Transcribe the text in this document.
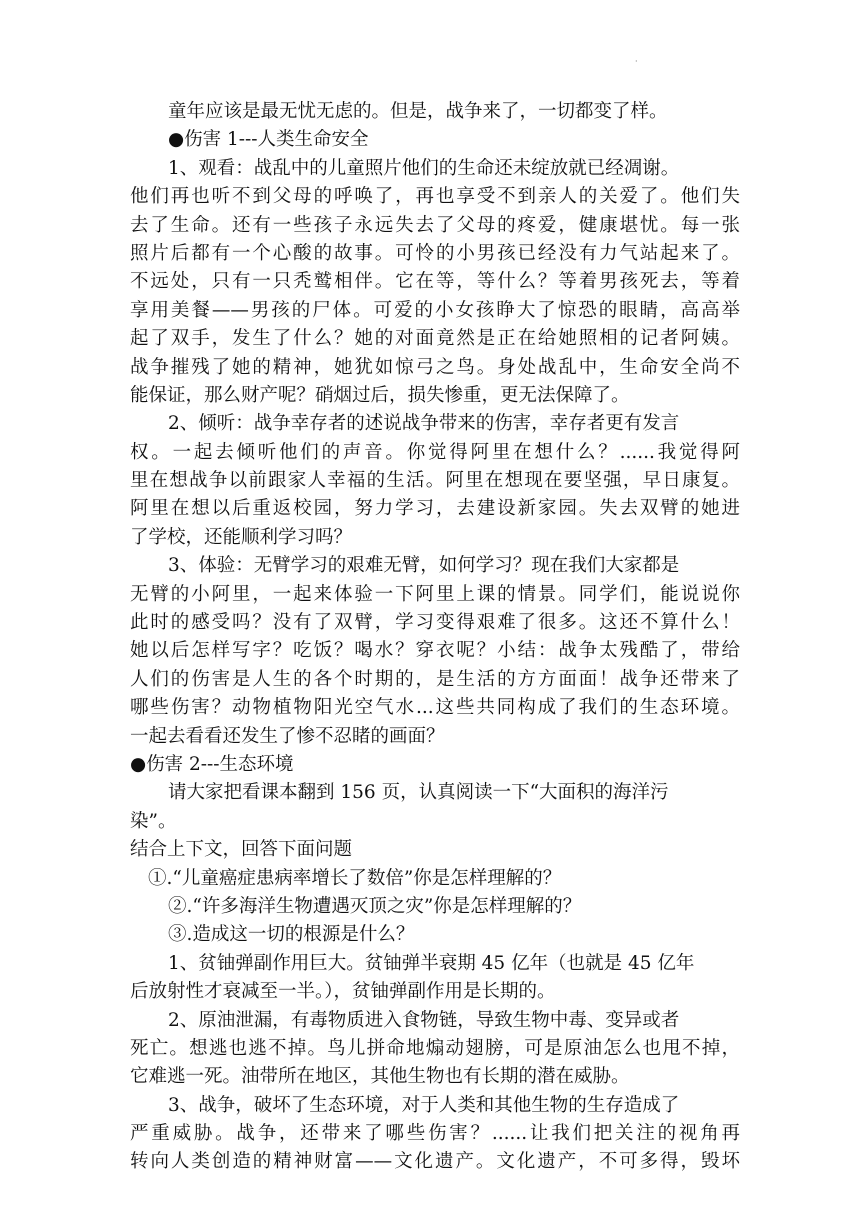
·
童年应该是最无忧无虑的。但是，战争来了，一切都变了样。
●伤害 1---人类生命安全
1、观看：战乱中的儿童照片他们的生命还未绽放就已经凋谢。
他们再也听不到父母的呼唤了，再也享受不到亲人的关爱了。他们失
去了生命。还有一些孩子永远失去了父母的疼爱，健康堪忧。每一张
照片后都有一个心酸的故事。可怜的小男孩已经没有力气站起来了。
不远处，只有一只秃鹫相伴。它在等，等什么？等着男孩死去，等着
享用美餐——男孩的尸体。可爱的小女孩睁大了惊恐的眼睛，高高举
起了双手，发生了什么？她的对面竟然是正在给她照相的记者阿姨。
战争摧残了她的精神，她犹如惊弓之鸟。身处战乱中，生命安全尚不
能保证，那么财产呢？硝烟过后，损失惨重，更无法保障了。
2、倾听：战争幸存者的述说战争带来的伤害，幸存者更有发言
权。一起去倾听他们的声音。你觉得阿里在想什么？......我觉得阿
里在想战争以前跟家人幸福的生活。阿里在想现在要坚强，早日康复。
阿里在想以后重返校园，努力学习，去建设新家园。失去双臂的她进
了学校，还能顺利学习吗？
3、体验：无臂学习的艰难无臂，如何学习？现在我们大家都是
无臂的小阿里，一起来体验一下阿里上课的情景。同学们，能说说你
此时的感受吗？没有了双臂，学习变得艰难了很多。这还不算什么！
她以后怎样写字？吃饭？喝水？穿衣呢？小结：战争太残酷了，带给
人们的伤害是人生的各个时期的，是生活的方方面面！战争还带来了
哪些伤害？动物植物阳光空气水...这些共同构成了我们的生态环境。
一起去看看还发生了惨不忍睹的画面？
●伤害 2---生态环境
请大家把看课本翻到 156 页，认真阅读一下“大面积的海洋污
染”。
结合上下文，回答下面问题
①.“儿童癌症患病率增长了数倍”你是怎样理解的？
②.“许多海洋生物遭遇灭顶之灾”你是怎样理解的？
③.造成这一切的根源是什么？
1、贫铀弹副作用巨大。贫铀弹半衰期 45 亿年（也就是 45 亿年
后放射性才衰减至一半。），贫铀弹副作用是长期的。
2、原油泄漏，有毒物质进入食物链，导致生物中毒、变异或者
死亡。想逃也逃不掉。鸟儿拼命地煽动翅膀，可是原油怎么也甩不掉，
它难逃一死。油带所在地区，其他生物也有长期的潜在威胁。
3、战争，破坏了生态环境，对于人类和其他生物的生存造成了
严重威胁。战争，还带来了哪些伤害？......让我们把关注的视角再
转向人类创造的精神财富——文化遗产。文化遗产，不可多得，毁坏
